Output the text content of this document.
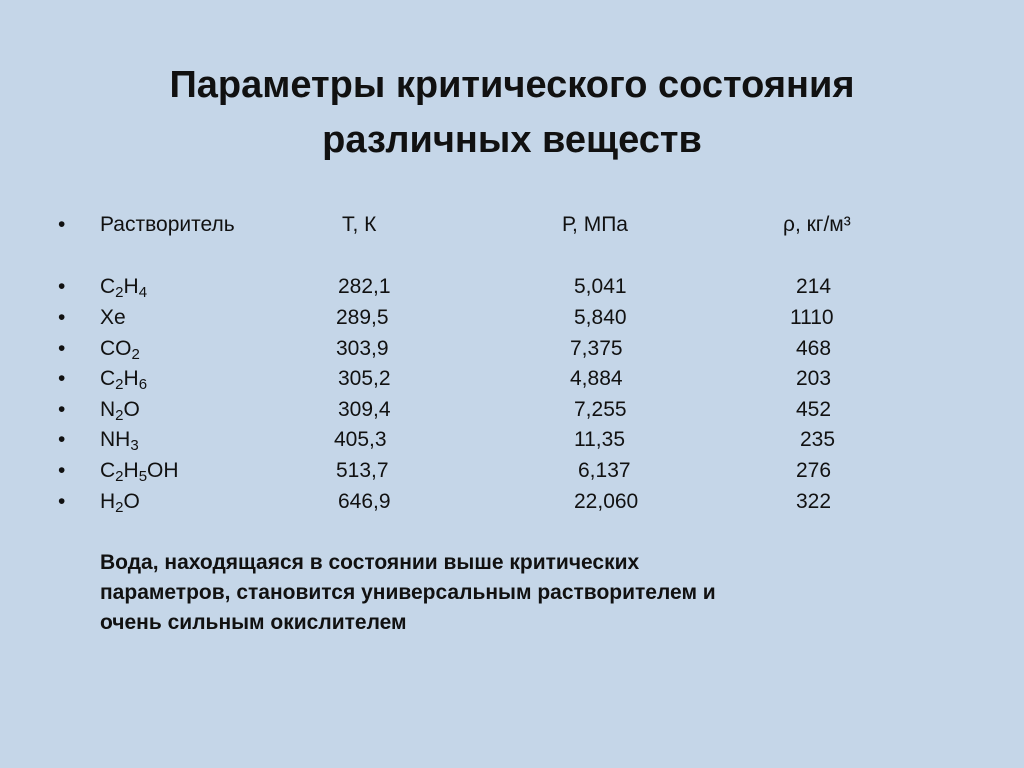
Параметры критического состояния
различных веществ
• Растворитель	Т, К	Р, МПа	ρ, кг/м³
• $C_2H_4$	282,1	5,041	214
• Xe	289,5	5,840	1110
• $CO_2$	303,9	7,375	468
• $C_2H_6$	305,2	4,884	203
• $N_2O$	309,4	7,255	452
• $NH_3$	405,3	11,35	235
• $C_2H_5OH$	513,7	6,137	276
• $H_2O$	646,9	22,060	322
Вода, находящаяся в состоянии выше критических
параметров, становится универсальным растворителем и
очень сильным окислителем
